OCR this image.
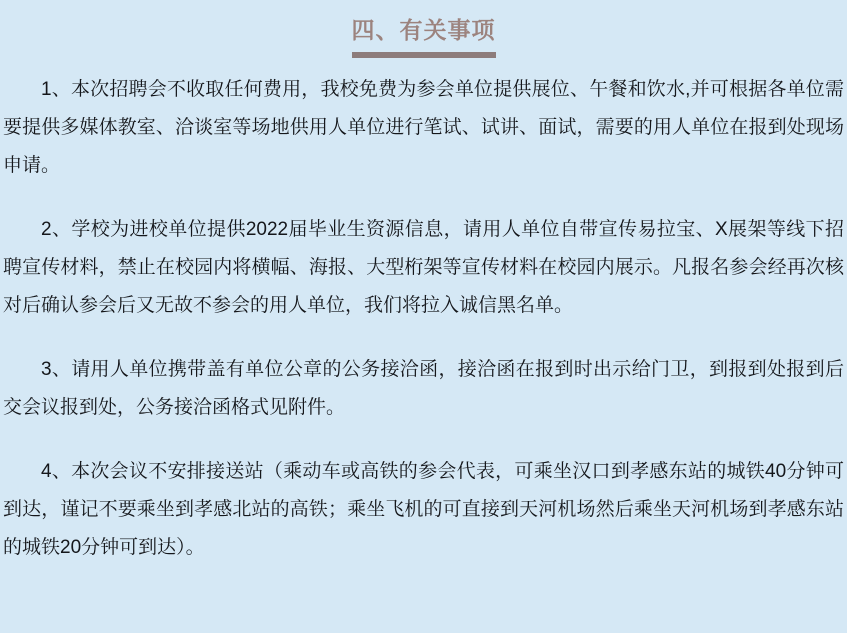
四、有关事项

1、本次招聘会不收取任何费用，我校免费为参会单位提供展位、午餐和饮水,并可根据各单位需要提供多媒体教室、洽谈室等场地供用人单位进行笔试、试讲、面试，需要的用人单位在报到处现场申请。

2、学校为进校单位提供2022届毕业生资源信息，请用人单位自带宣传易拉宝、X展架等线下招聘宣传材料，禁止在校园内将横幅、海报、大型桁架等宣传材料在校园内展示。凡报名参会经再次核对后确认参会后又无故不参会的用人单位，我们将拉入诚信黑名单。

3、请用人单位携带盖有单位公章的公务接洽函，接洽函在报到时出示给门卫，到报到处报到后交会议报到处，公务接洽函格式见附件。

4、本次会议不安排接送站（乘动车或高铁的参会代表，可乘坐汉口到孝感东站的城铁40分钟可到达，谨记不要乘坐到孝感北站的高铁；乘坐飞机的可直接到天河机场然后乘坐天河机场到孝感东站的城铁20分钟可到达）。
